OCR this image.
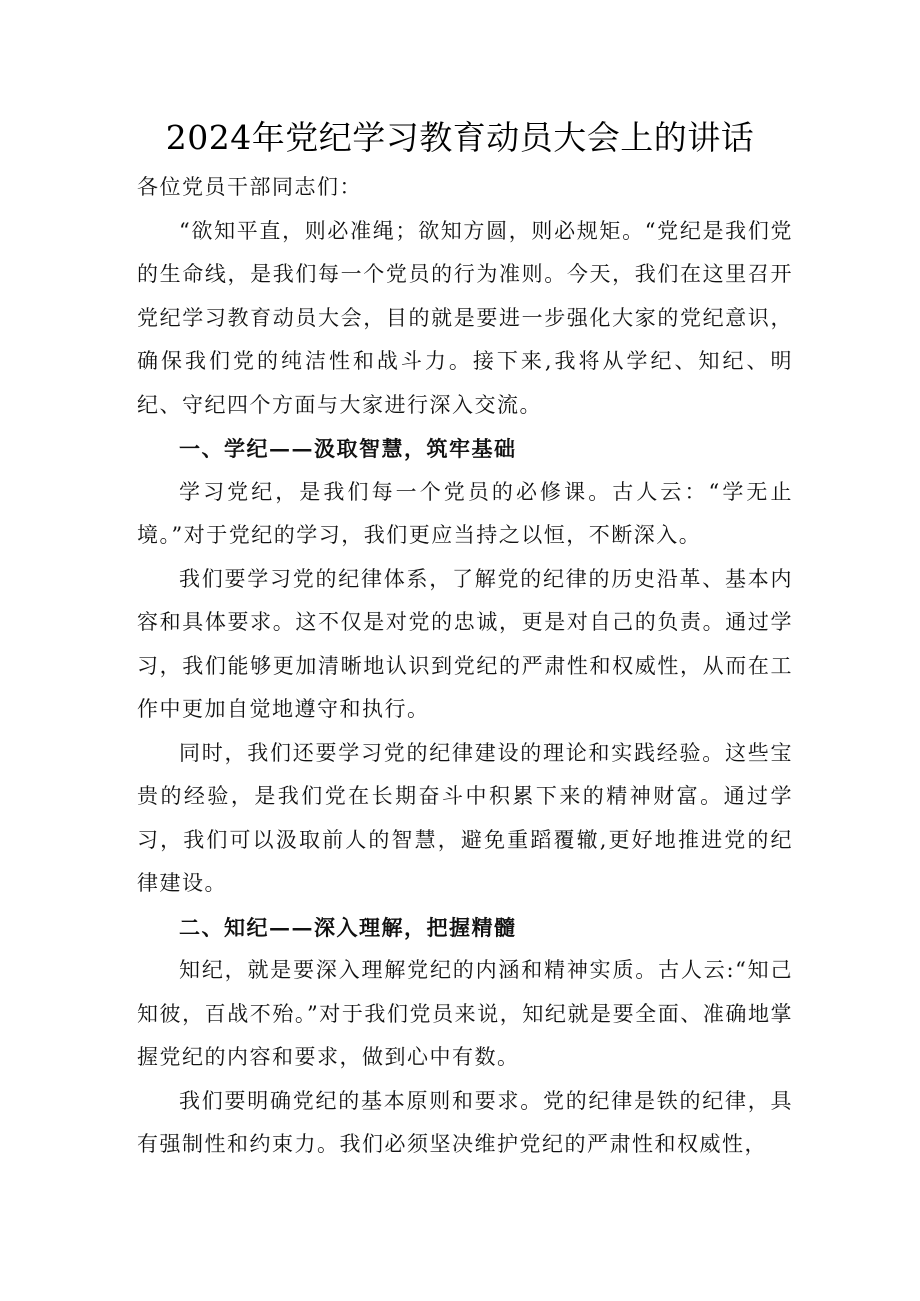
2024年党纪学习教育动员大会上的讲话

各位党员干部同志们：

“欲知平直，则必准绳；欲知方圆，则必规矩。“党纪是我们党的生命线，是我们每一个党员的行为准则。今天，我们在这里召开党纪学习教育动员大会，目的就是要进一步强化大家的党纪意识，确保我们党的纯洁性和战斗力。接下来,我将从学纪、知纪、明纪、守纪四个方面与大家进行深入交流。

一、学纪——汲取智慧，筑牢基础

学习党纪，是我们每一个党员的必修课。古人云：“学无止境。”对于党纪的学习，我们更应当持之以恒，不断深入。

我们要学习党的纪律体系，了解党的纪律的历史沿革、基本内容和具体要求。这不仅是对党的忠诚，更是对自己的负责。通过学习，我们能够更加清晰地认识到党纪的严肃性和权威性，从而在工作中更加自觉地遵守和执行。

同时，我们还要学习党的纪律建设的理论和实践经验。这些宝贵的经验，是我们党在长期奋斗中积累下来的精神财富。通过学习，我们可以汲取前人的智慧，避免重蹈覆辙,更好地推进党的纪律建设。

二、知纪——深入理解，把握精髓

知纪，就是要深入理解党纪的内涵和精神实质。古人云:“知己知彼，百战不殆。”对于我们党员来说，知纪就是要全面、准确地掌握党纪的内容和要求，做到心中有数。

我们要明确党纪的基本原则和要求。党的纪律是铁的纪律，具有强制性和约束力。我们必须坚决维护党纪的严肃性和权威性，
